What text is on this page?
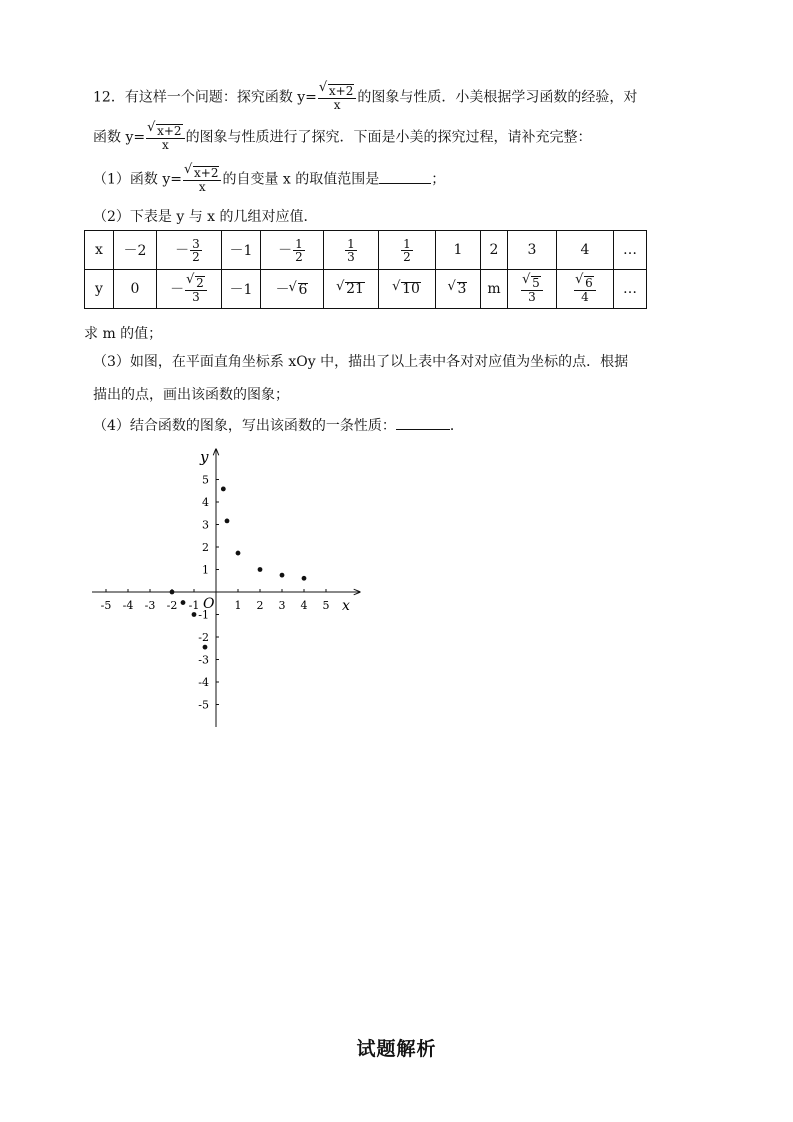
12．有这样一个问题：探究函数 y= √ $\frac{x+2}{x}$ 的图象与性质．小美根据学习函数的经验，对
函数 y= √ $\frac{x+2}{x}$ 的图象与性质进行了探究．下面是小美的探究过程，请补充完整：
（1）函数 y= √ $\frac{x+2}{x}$ 的自变量 x 的取值范围是	；
（2）下表是 y 与 x 的几组对应值．
x	－2	－ $\frac{3}{2}$	－1	－ $\frac{1}{2}$	$\frac{1}{3}$	$\frac{1}{2}$	1	2	3	4	…
y	0	－ √ $\frac{2}{3}$	－1	－ √ 6	√ 21	√ 10	√ 3	m	√ $\frac{5}{3}$	√ $\frac{6}{4}$	…
求 m 的值；
（3）如图，在平面直角坐标系 xOy 中，描出了以上表中各对对应值为坐标的点．根据
描出的点，画出该函数的图象；
（4）结合函数的图象，写出该函数的一条性质：	．
y
x
O
-5 -4 -3 -2 -1	1 2 3 4 5
5
4
3
2
1
-1
-2
-3
-4
-5
试题解析
